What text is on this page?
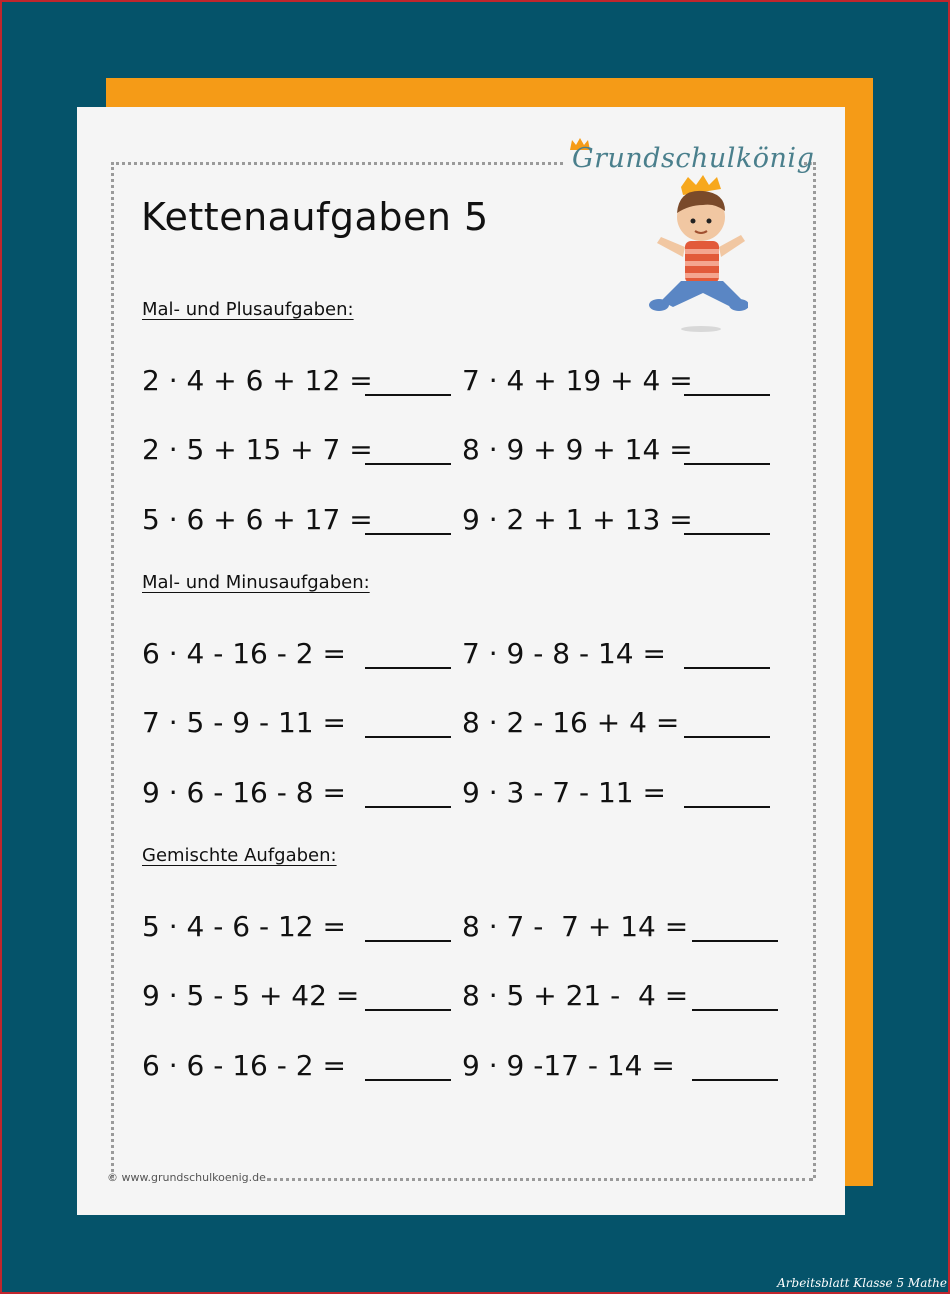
Grundschulkönig
Kettenaufgaben 5
Mal- und Plusaufgaben:
2 · 4 + 6 + 12 =	7 · 4 + 19 + 4 =
2 · 5 + 15 + 7 =	8 · 9 + 9 + 14 =
5 · 6 + 6 + 17 =	9 · 2 + 1 + 13 =
Mal- und Minusaufgaben:
6 · 4 - 16 - 2 =	7 · 9 - 8 - 14 =
7 · 5 - 9 - 11 =	8 · 2 - 16 + 4 =
9 · 6 - 16 - 8 =	9 · 3 - 7 - 11 =
Gemischte Aufgaben:
5 · 4 - 6 - 12 =	8 · 7 -  7 + 14 =
9 · 5 - 5 + 42 =	8 · 5 + 21 -  4 =
6 · 6 - 16 - 2 =	9 · 9 -17 - 14 =
© www.grundschulkoenig.de
Arbeitsblatt Klasse 5 Mathe
